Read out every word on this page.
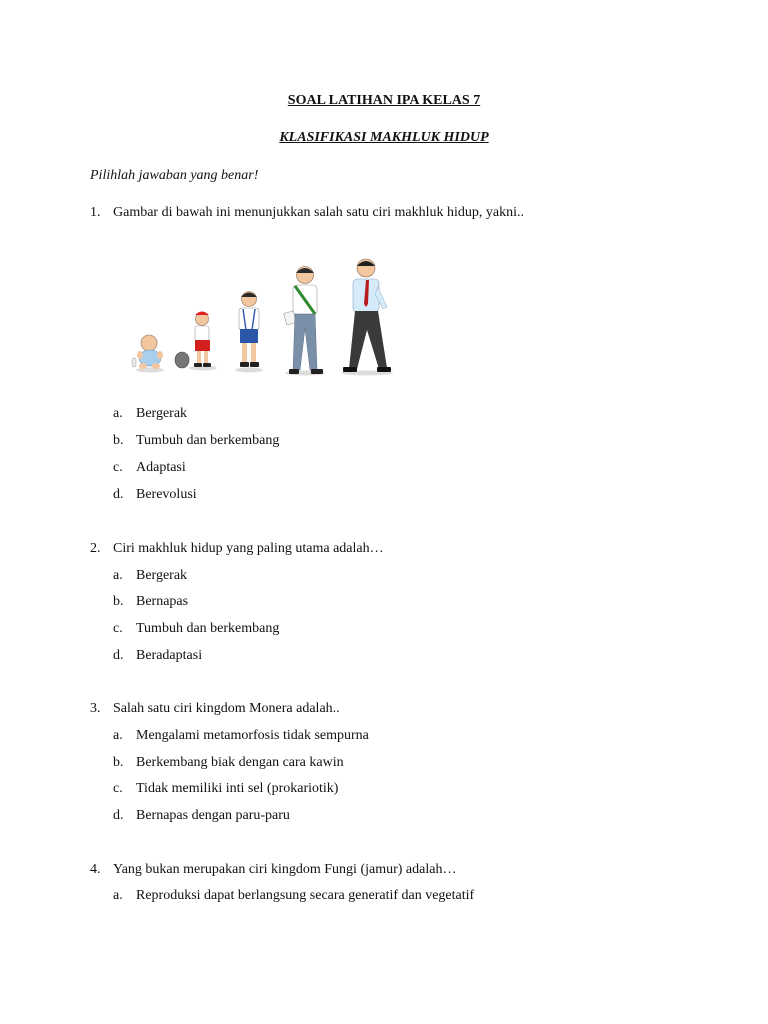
SOAL LATIHAN IPA KELAS 7
KLASIFIKASI MAKHLUK HIDUP
Pilihlah jawaban yang benar!
1. Gambar di bawah ini menunjukkan salah satu ciri makhluk hidup, yakni..
a. Bergerak
b. Tumbuh dan berkembang
c. Adaptasi
d. Berevolusi
2. Ciri makhluk hidup yang paling utama adalah…
a. Bergerak
b. Bernapas
c. Tumbuh dan berkembang
d. Beradaptasi
3. Salah satu ciri kingdom Monera adalah..
a. Mengalami metamorfosis tidak sempurna
b. Berkembang biak dengan cara kawin
c. Tidak memiliki inti sel (prokariotik)
d. Bernapas dengan paru-paru
4. Yang bukan merupakan ciri kingdom Fungi (jamur) adalah…
a. Reproduksi dapat berlangsung secara generatif dan vegetatif
